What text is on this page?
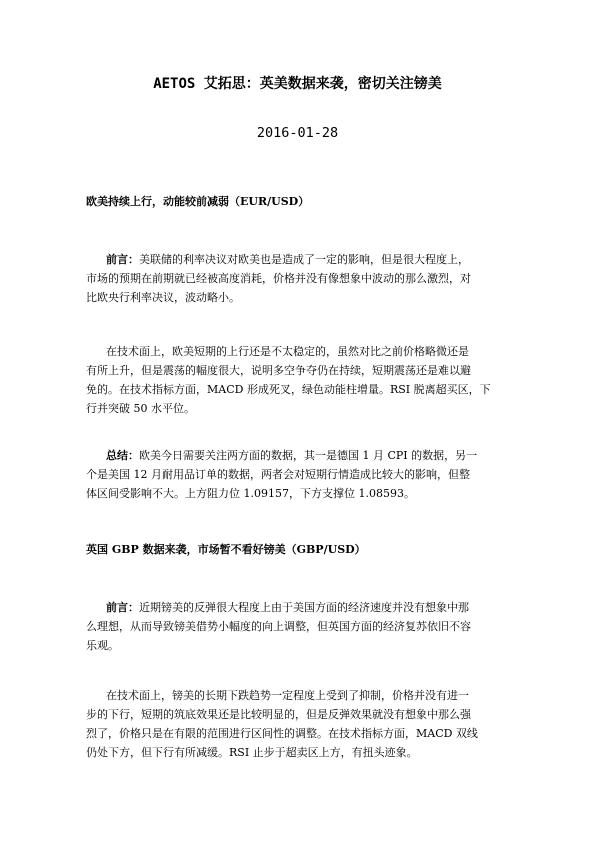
AETOS 艾拓思：英美数据来袭，密切关注镑美
2016-01-28
欧美持续上行，动能较前减弱（EUR/USD）

前言：美联储的利率决议对欧美也是造成了一定的影响，但是很大程度上，
市场的预期在前期就已经被高度消耗，价格并没有像想象中波动的那么激烈，对
比欧央行利率决议，波动略小。

在技术面上，欧美短期的上行还是不太稳定的，虽然对比之前价格略微还是
有所上升，但是震荡的幅度很大，说明多空争夺仍在持续，短期震荡还是难以避
免的。在技术指标方面，MACD 形成死叉，绿色动能柱增量。RSI 脱离超买区，下
行并突破 50 水平位。

总结：欧美今日需要关注两方面的数据，其一是德国 1 月 CPI 的数据，另一
个是美国 12 月耐用品订单的数据，两者会对短期行情造成比较大的影响，但整
体区间受影响不大。上方阻力位 1.09157，下方支撑位 1.08593。

英国 GBP 数据来袭，市场暂不看好镑美（GBP/USD）

前言：近期镑美的反弹很大程度上由于美国方面的经济速度并没有想象中那
么理想，从而导致镑美借势小幅度的向上调整，但英国方面的经济复苏依旧不容
乐观。

在技术面上，镑美的长期下跌趋势一定程度上受到了抑制，价格并没有进一
步的下行，短期的筑底效果还是比较明显的，但是反弹效果就没有想象中那么强
烈了，价格只是在有限的范围进行区间性的调整。在技术指标方面，MACD 双线
仍处下方，但下行有所减缓。RSI 止步于超卖区上方，有扭头迹象。
